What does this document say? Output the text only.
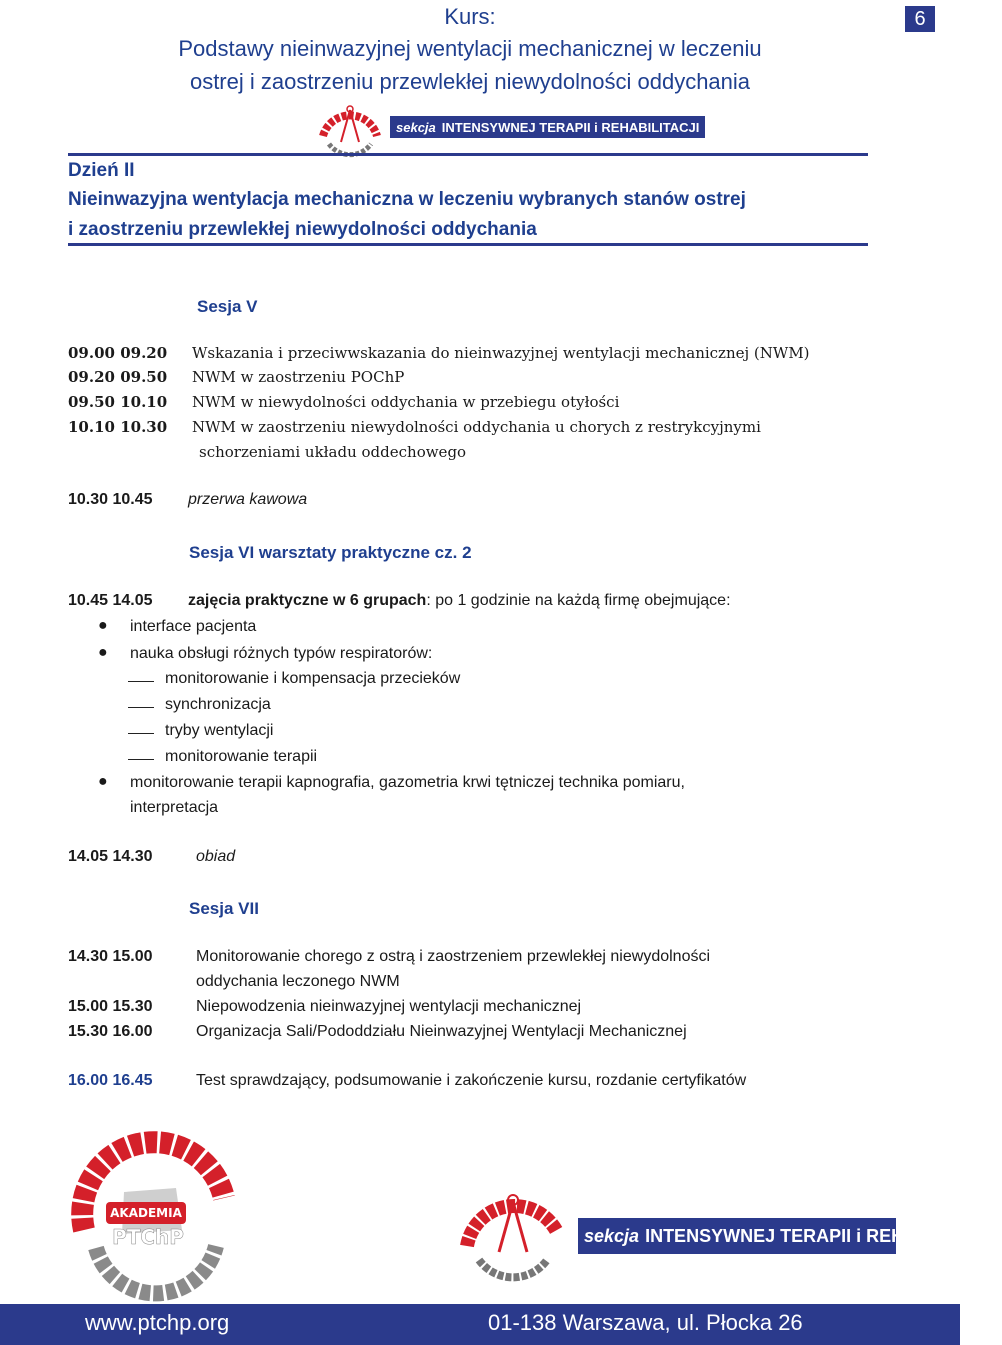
6
Kurs:
Podstawy nieinwazyjnej wentylacji mechanicznej w leczeniu
ostrej i zaostrzeniu przewlekłej niewydolności oddychania
sekcja INTENSYWNEJ TERAPII i REHABILITACJI
Dzień II
Nieinwazyjna wentylacja mechaniczna w leczeniu wybranych stanów ostrej
i zaostrzeniu przewlekłej niewydolności oddychania
Sesja V
09.00 09.20 Wskazania i przeciwwskazania do nieinwazyjnej wentylacji mechanicznej (NWM)
09.20 09.50 NWM w zaostrzeniu POChP
09.50 10.10 NWM w niewydolności oddychania w przebiegu otyłości
10.10 10.30 NWM w zaostrzeniu niewydolności oddychania u chorych z restrykcyjnymi
schorzeniami układu oddechowego
10.30 10.45 przerwa kawowa
Sesja VI warsztaty praktyczne cz. 2
10.45 14.05 zajęcia praktyczne w 6 grupach: po 1 godzinie na każdą firmę obejmujące:
● interface pacjenta
● nauka obsługi różnych typów respiratorów:
monitorowanie i kompensacja przecieków
synchronizacja
tryby wentylacji
monitorowanie terapii
● monitorowanie terapii kapnografia, gazometria krwi tętniczej technika pomiaru,
interpretacja
14.05 14.30	obiad
Sesja VII
14.30 15.00	Monitorowanie chorego z ostrą i zaostrzeniem przewlekłej niewydolności
oddychania leczonego NWM
15.00 15.30	Niepowodzenia nieinwazyjnej wentylacji mechanicznej
15.30 16.00	Organizacja Sali/Pododdziału Nieinwazyjnej Wentylacji Mechanicznej
16.00 16.45	Test sprawdzający, podsumowanie i zakończenie kursu, rozdanie certyfikatów
AKADEMIA
PTChP	sekcja INTENSYWNEJ TERAPII i REHABILITACJI
www.ptchp.org	01-138 Warszawa, ul. Płocka 26
